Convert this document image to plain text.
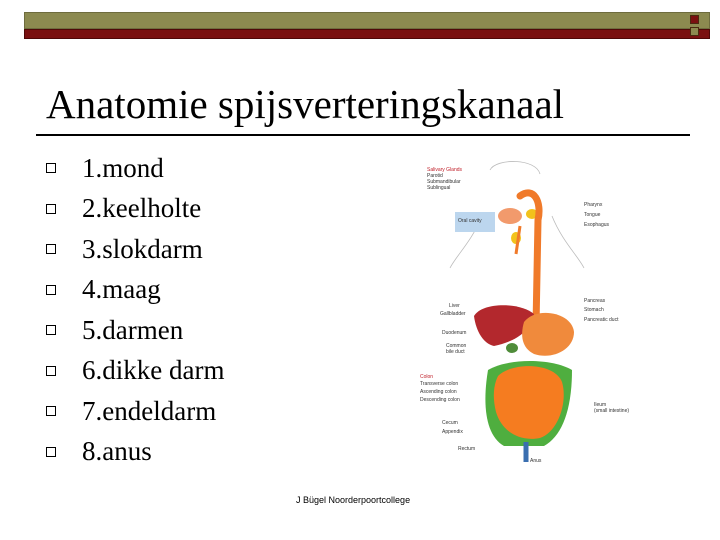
Anatomie spijsverteringskanaal
1.mond
2.keelholte
3.slokdarm
4.maag
5.darmen
6.dikke darm
7.endeldarm
8.anus
Salivary Glands
Parotid
Submandibular
Sublingual
Oral cavity
Liver
Gallbladder
Duodenum
Common
bile duct
Colon
Transverse colon
Ascending colon
Descending colon
Cecum
Appendix
Rectum
Pharynx
Tongue
Esophagus
Pancreas
Stomach
Pancreatic duct
Ileum
(small intestine)
Anus
J Bügel Noorderpoortcollege
